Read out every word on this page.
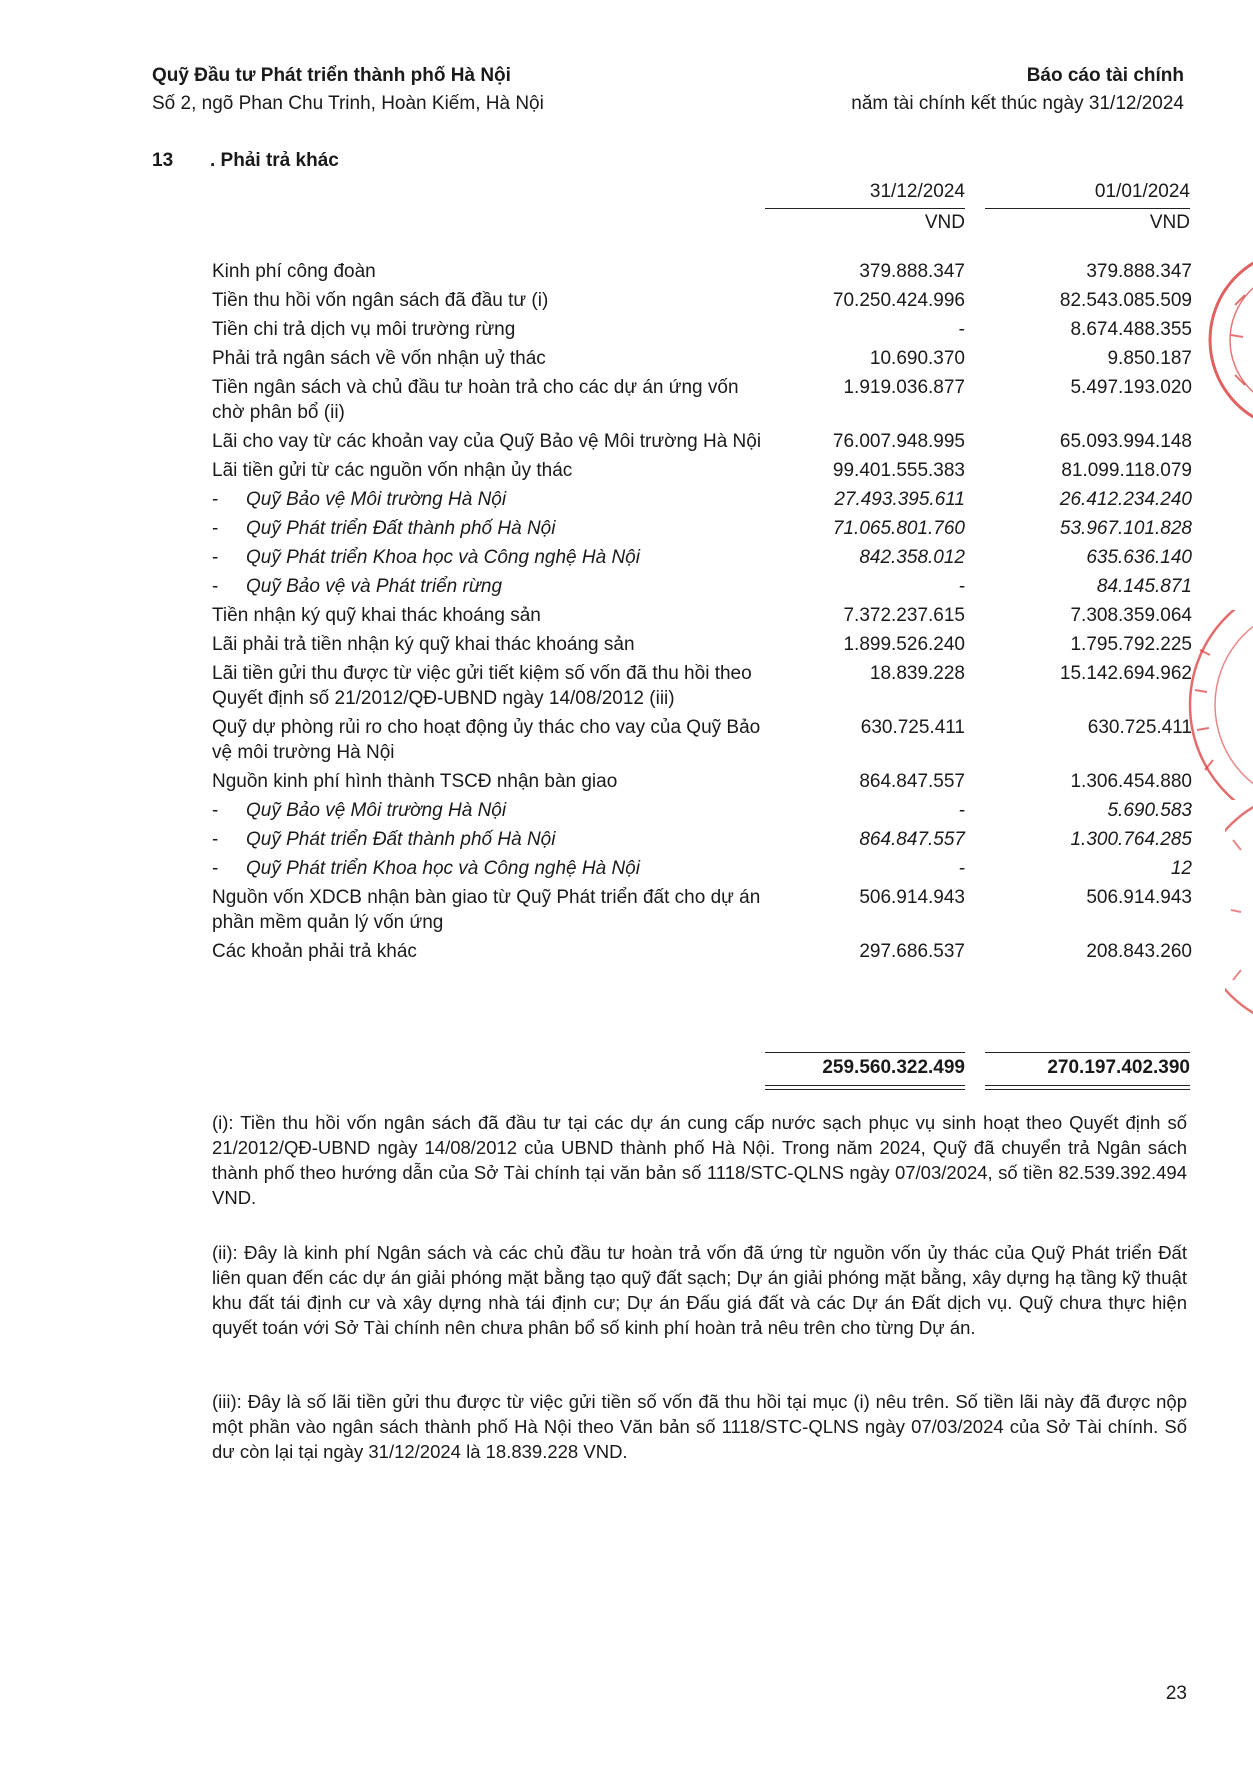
Quỹ Đầu tư Phát triển thành phố Hà Nội
Số 2, ngõ Phan Chu Trinh, Hoàn Kiếm, Hà Nội
Báo cáo tài chính
năm tài chính kết thúc ngày 31/12/2024
13 . Phải trả khác
31/12/2024
VND
01/01/2024
VND
Kinh phí công đoàn	379.888.347	379.888.347
Tiền thu hồi vốn ngân sách đã đầu tư (i)	70.250.424.996	82.543.085.509
Tiền chi trả dịch vụ môi trường rừng	-	8.674.488.355
Phải trả ngân sách về vốn nhận uỷ thác	10.690.370	9.850.187
Tiền ngân sách và chủ đầu tư hoàn trả cho các dự án ứng vốn chờ phân bổ (ii)	1.919.036.877	5.497.193.020
Lãi cho vay từ các khoản vay của Quỹ Bảo vệ Môi trường Hà Nội	76.007.948.995	65.093.994.148
Lãi tiền gửi từ các nguồn vốn nhận ủy thác	99.401.555.383	81.099.118.079
- Quỹ Bảo vệ Môi trường Hà Nội	27.493.395.611	26.412.234.240
- Quỹ Phát triển Đất thành phố Hà Nội	71.065.801.760	53.967.101.828
- Quỹ Phát triển Khoa học và Công nghệ Hà Nội	842.358.012	635.636.140
- Quỹ Bảo vệ và Phát triển rừng	-	84.145.871
Tiền nhận ký quỹ khai thác khoáng sản	7.372.237.615	7.308.359.064
Lãi phải trả tiền nhận ký quỹ khai thác khoáng sản	1.899.526.240	1.795.792.225
Lãi tiền gửi thu được từ việc gửi tiết kiệm số vốn đã thu hồi theo Quyết định số 21/2012/QĐ-UBND ngày 14/08/2012 (iii)	18.839.228	15.142.694.962
Quỹ dự phòng rủi ro cho hoạt động ủy thác cho vay của Quỹ Bảo vệ môi trường Hà Nội	630.725.411	630.725.411
Nguồn kinh phí hình thành TSCĐ nhận bàn giao	864.847.557	1.306.454.880
- Quỹ Bảo vệ Môi trường Hà Nội	-	5.690.583
- Quỹ Phát triển Đất thành phố Hà Nội	864.847.557	1.300.764.285
- Quỹ Phát triển Khoa học và Công nghệ Hà Nội	-	12
Nguồn vốn XDCB nhận bàn giao từ Quỹ Phát triển đất cho dự án phần mềm quản lý vốn ứng	506.914.943	506.914.943
Các khoản phải trả khác	297.686.537	208.843.260
259.560.322.499	270.197.402.390
(i): Tiền thu hồi vốn ngân sách đã đầu tư tại các dự án cung cấp nước sạch phục vụ sinh hoạt theo Quyết định số 21/2012/QĐ-UBND ngày 14/08/2012 của UBND thành phố Hà Nội. Trong năm 2024, Quỹ đã chuyển trả Ngân sách thành phố theo hướng dẫn của Sở Tài chính tại văn bản số 1118/STC-QLNS ngày 07/03/2024, số tiền 82.539.392.494 VND.
(ii): Đây là kinh phí Ngân sách và các chủ đầu tư hoàn trả vốn đã ứng từ nguồn vốn ủy thác của Quỹ Phát triển Đất liên quan đến các dự án giải phóng mặt bằng tạo quỹ đất sạch; Dự án giải phóng mặt bằng, xây dựng hạ tầng kỹ thuật khu đất tái định cư và xây dựng nhà tái định cư; Dự án Đấu giá đất và các Dự án Đất dịch vụ. Quỹ chưa thực hiện quyết toán với Sở Tài chính nên chưa phân bổ số kinh phí hoàn trả nêu trên cho từng Dự án.
(iii): Đây là số lãi tiền gửi thu được từ việc gửi tiền số vốn đã thu hồi tại mục (i) nêu trên. Số tiền lãi này đã được nộp một phần vào ngân sách thành phố Hà Nội theo Văn bản số 1118/STC-QLNS ngày 07/03/2024 của Sở Tài chính. Số dư còn lại tại ngày 31/12/2024 là 18.839.228 VND.
23
